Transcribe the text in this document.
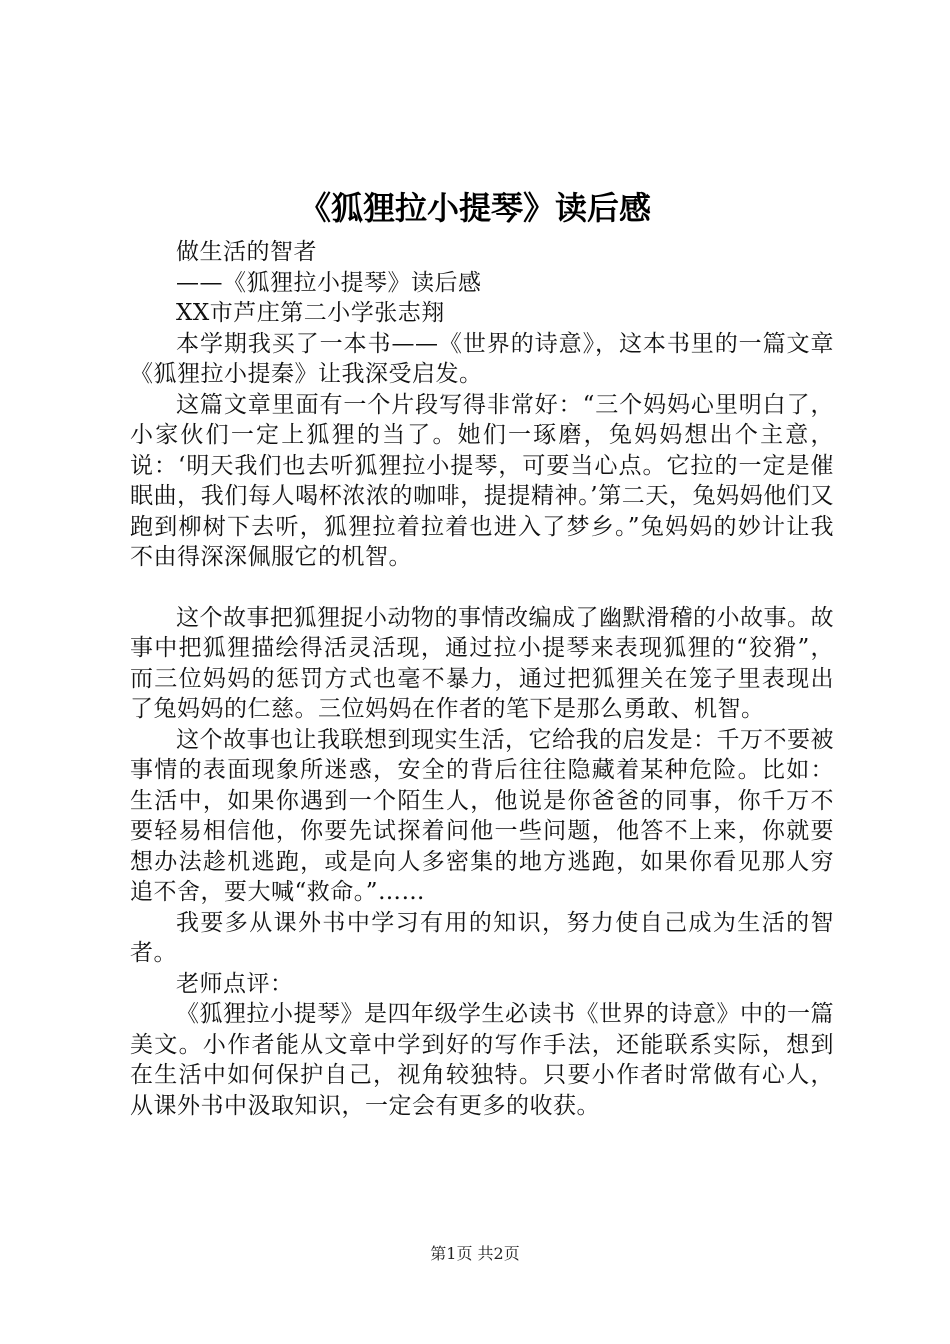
《狐狸拉小提琴》读后感

做生活的智者

——《狐狸拉小提琴》读后感

XX市芦庄第二小学张志翔

本学期我买了一本书——《世界的诗意》，这本书里的一篇文章《狐狸拉小提秦》让我深受启发。

这篇文章里面有一个片段写得非常好：“三个妈妈心里明白了，小家伙们一定上狐狸的当了。她们一琢磨，兔妈妈想出个主意，说：‘明天我们也去听狐狸拉小提琴，可要当心点。它拉的一定是催眠曲，我们每人喝杯浓浓的咖啡，提提精神。’第二天，兔妈妈他们又跑到柳树下去听，狐狸拉着拉着也进入了梦乡。”兔妈妈的妙计让我不由得深深佩服它的机智。

这个故事把狐狸捉小动物的事情改编成了幽默滑稽的小故事。故事中把狐狸描绘得活灵活现，通过拉小提琴来表现狐狸的“狡猾”，而三位妈妈的惩罚方式也毫不暴力，通过把狐狸关在笼子里表现出了兔妈妈的仁慈。三位妈妈在作者的笔下是那么勇敢、机智。

这个故事也让我联想到现实生活，它给我的启发是：千万不要被事情的表面现象所迷惑，安全的背后往往隐藏着某种危险。比如：生活中，如果你遇到一个陌生人，他说是你爸爸的同事，你千万不要轻易相信他，你要先试探着问他一些问题，他答不上来，你就要想办法趁机逃跑，或是向人多密集的地方逃跑，如果你看见那人穷追不舍，要大喊“救命。”……

我要多从课外书中学习有用的知识，努力使自己成为生活的智者。

老师点评：

《狐狸拉小提琴》是四年级学生必读书《世界的诗意》中的一篇美文。小作者能从文章中学到好的写作手法，还能联系实际，想到在生活中如何保护自己，视角较独特。只要小作者时常做有心人，从课外书中汲取知识，一定会有更多的收获。

第1页 共2页
